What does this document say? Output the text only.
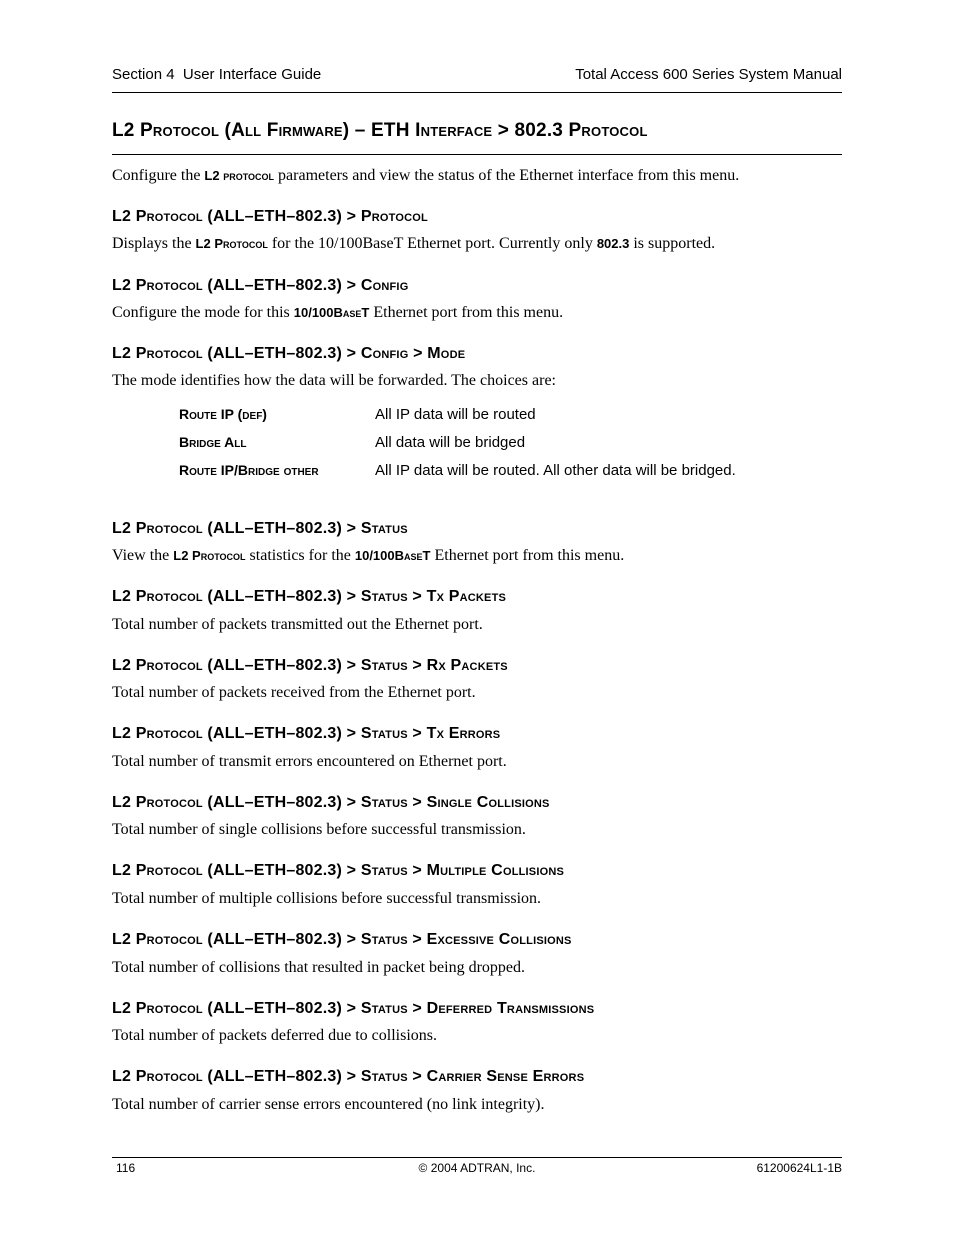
Section 4  User Interface Guide	Total Access 600 Series System Manual
L2 Protocol (All Firmware) – ETH Interface > 802.3 Protocol
Configure the L2 protocol parameters and view the status of the Ethernet interface from this menu.
L2 Protocol (ALL–ETH–802.3) > Protocol
Displays the L2 Protocol for the 10/100BaseT Ethernet port. Currently only 802.3 is supported.
L2 Protocol (ALL–ETH–802.3) > Config
Configure the mode for this 10/100BaseT Ethernet port from this menu.
L2 Protocol (ALL–ETH–802.3) > Config > Mode
The mode identifies how the data will be forwarded. The choices are:
Route IP (def)	All IP data will be routed
Bridge All	All data will be bridged
Route IP/Bridge other	All IP data will be routed. All other data will be bridged.
L2 Protocol (ALL–ETH–802.3) > Status
View the L2 Protocol statistics for the 10/100BaseT Ethernet port from this menu.
L2 Protocol (ALL–ETH–802.3) > Status > Tx Packets
Total number of packets transmitted out the Ethernet port.
L2 Protocol (ALL–ETH–802.3) > Status > Rx Packets
Total number of packets received from the Ethernet port.
L2 Protocol (ALL–ETH–802.3) > Status > Tx Errors
Total number of transmit errors encountered on Ethernet port.
L2 Protocol (ALL–ETH–802.3) > Status > Single Collisions
Total number of single collisions before successful transmission.
L2 Protocol (ALL–ETH–802.3) > Status > Multiple Collisions
Total number of multiple collisions before successful transmission.
L2 Protocol (ALL–ETH–802.3) > Status > Excessive Collisions
Total number of collisions that resulted in packet being dropped.
L2 Protocol (ALL–ETH–802.3) > Status > Deferred Transmissions
Total number of packets deferred due to collisions.
L2 Protocol (ALL–ETH–802.3) > Status > Carrier Sense Errors
Total number of carrier sense errors encountered (no link integrity).
116	© 2004 ADTRAN, Inc.	61200624L1-1B
